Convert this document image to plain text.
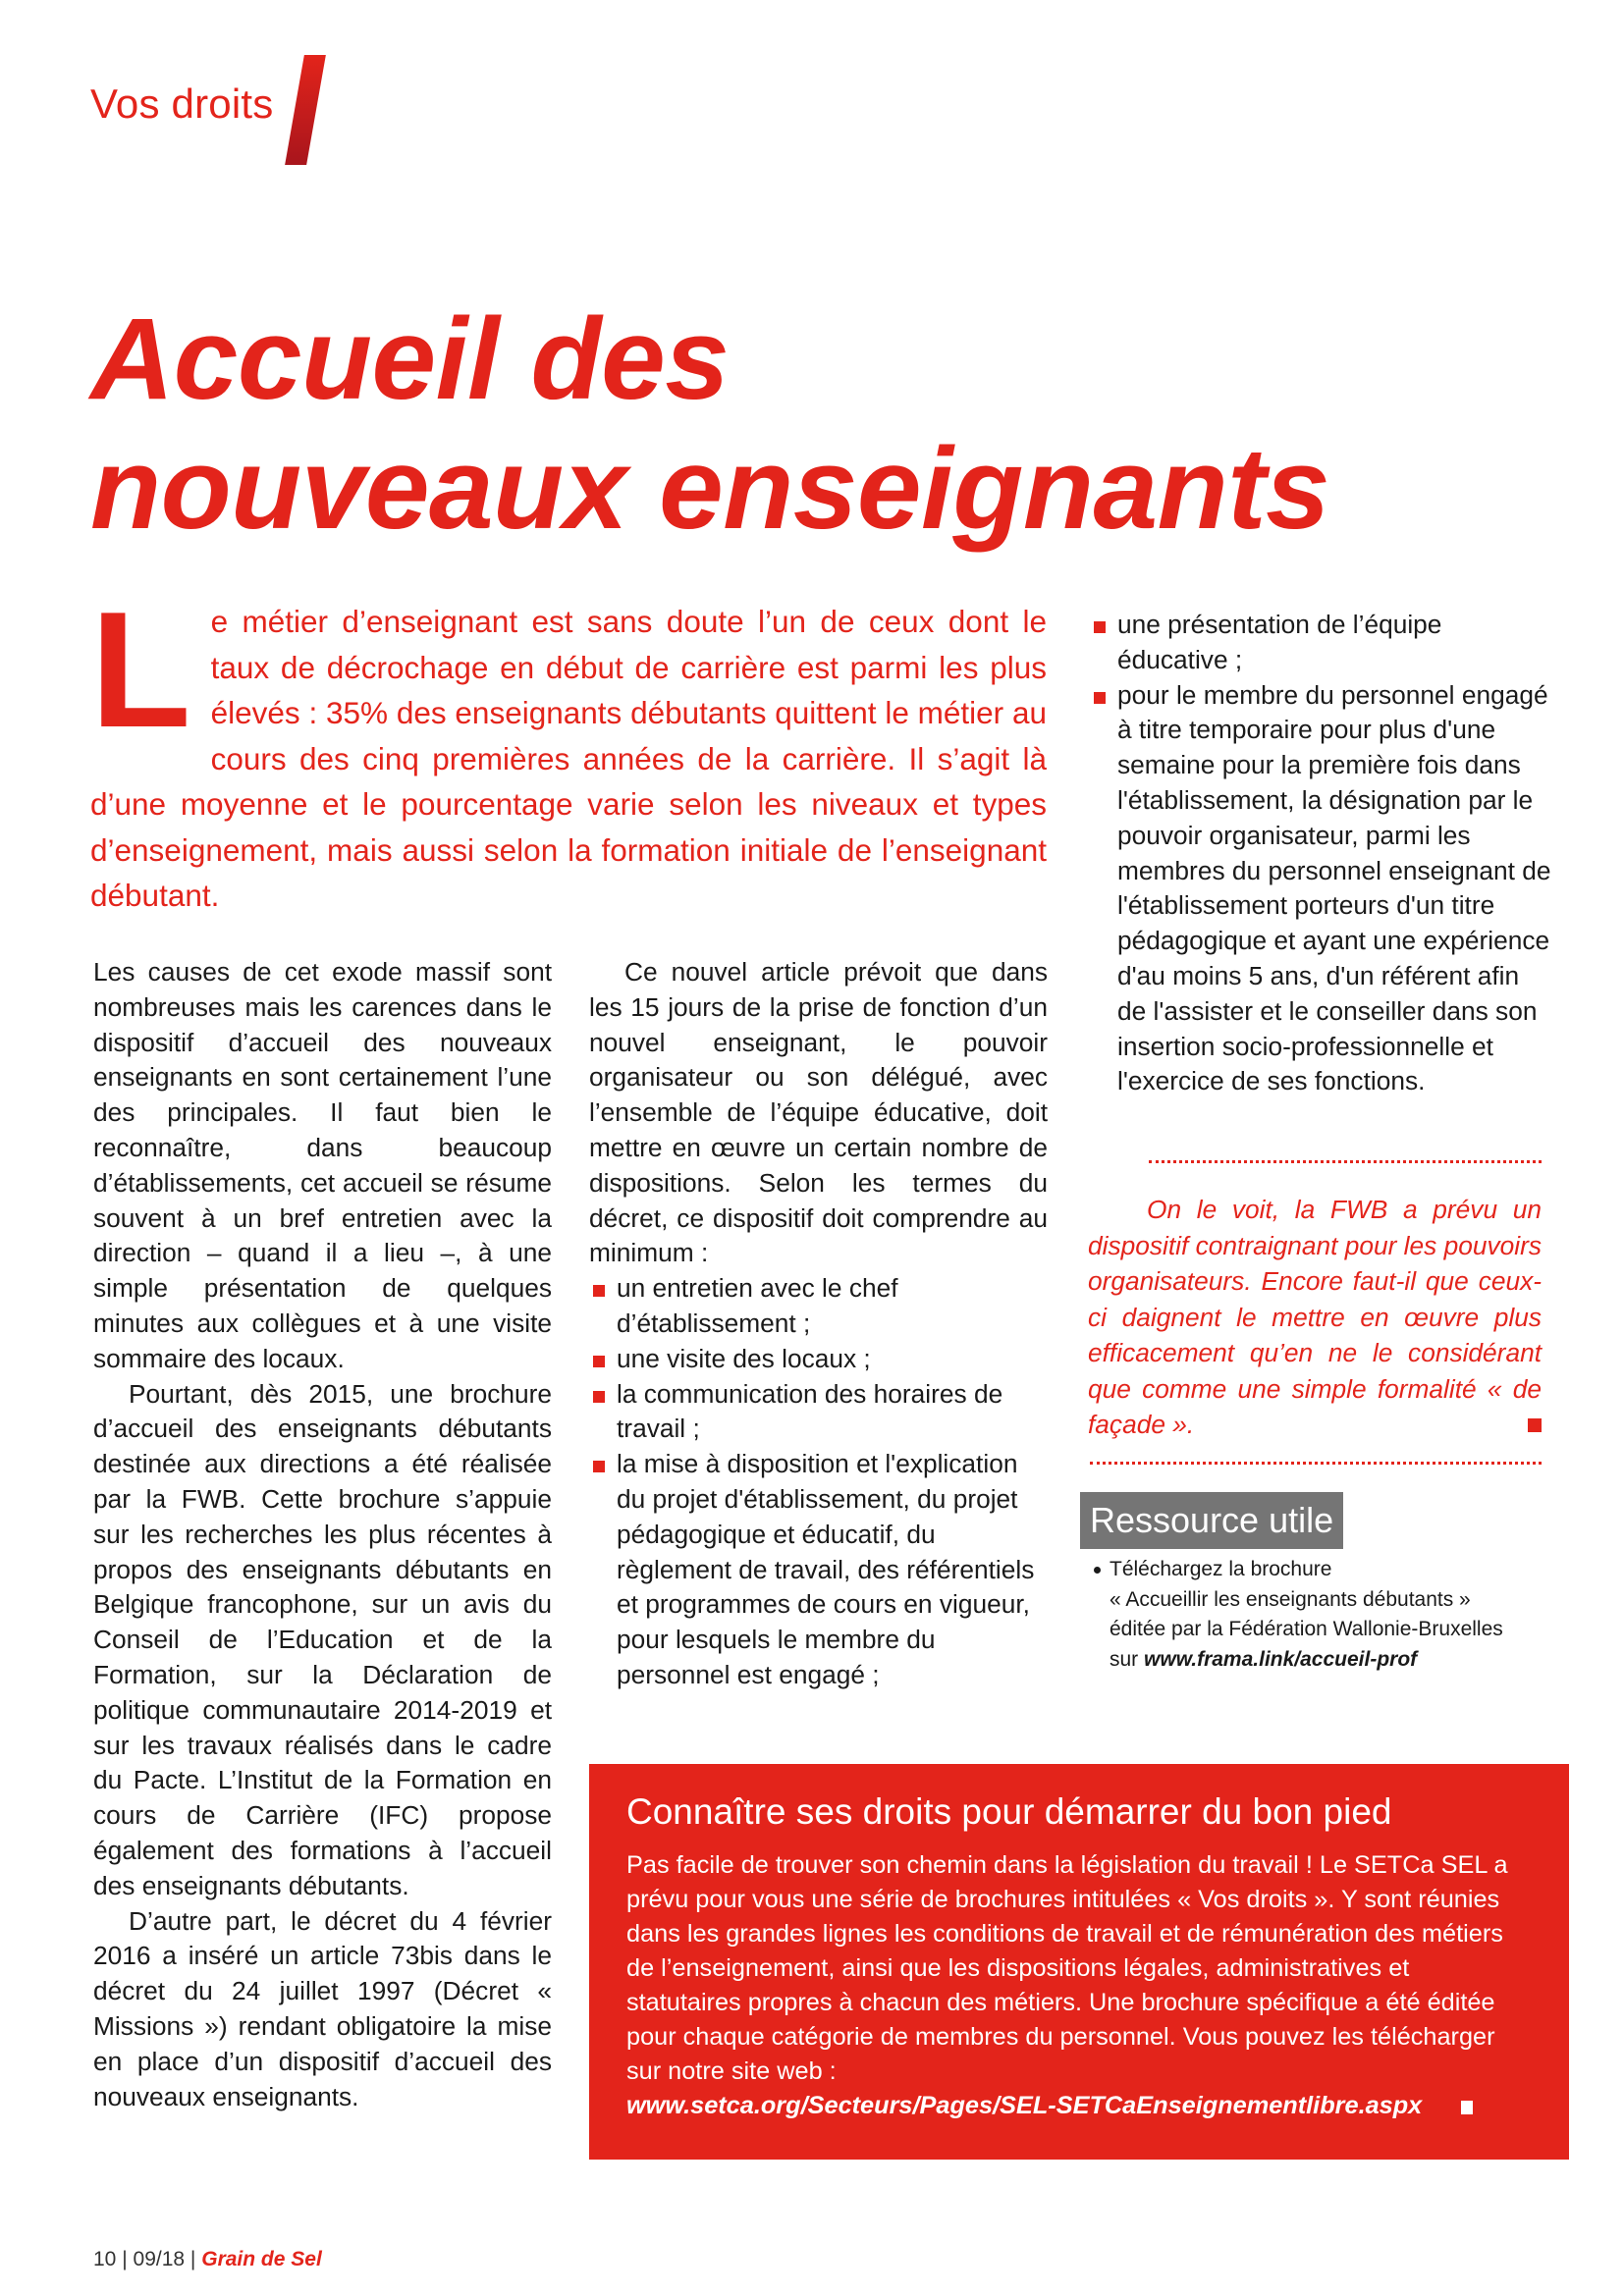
Vos droits
Accueil des
nouveaux enseignants

Le métier d’enseignant est sans doute l’un de ceux dont le taux de décrochage en début de carrière est parmi les plus élevés : 35% des enseignants débutants quittent le métier au cours des cinq premières années de la carrière. Il s’agit là d’une moyenne et le pourcentage varie selon les niveaux et types d’enseignement, mais aussi selon la formation initiale de l’enseignant débutant.

Les causes de cet exode massif sont nombreuses mais les carences dans le dispositif d’accueil des nouveaux enseignants en sont certainement l’une des principales. Il faut bien le reconnaître, dans beaucoup d’établissements, cet accueil se résume souvent à un bref entretien avec la direction – quand il a lieu –, à une simple présentation de quelques minutes aux collègues et à une visite sommaire des locaux.

Pourtant, dès 2015, une brochure d’accueil des enseignants débutants destinée aux directions a été réalisée par la FWB. Cette brochure s’appuie sur les recherches les plus récentes à propos des enseignants débutants en Belgique francophone, sur un avis du Conseil de l’Education et de la Formation, sur la Déclaration de politique communautaire 2014-2019 et sur les travaux réalisés dans le cadre du Pacte. L’Institut de la Formation en cours de Carrière (IFC) propose également des formations à l’accueil des enseignants débutants.

D’autre part, le décret du 4 février 2016 a inséré un article 73bis dans le décret du 24 juillet 1997 (Décret « Missions ») rendant obligatoire la mise en place d’un dispositif d’accueil des nouveaux enseignants.

Ce nouvel article prévoit que dans les 15 jours de la prise de fonction d’un nouvel enseignant, le pouvoir organisateur ou son délégué, avec l’ensemble de l’équipe éducative, doit mettre en œuvre un certain nombre de dispositions. Selon les termes du décret, ce dispositif doit comprendre au minimum :

un entretien avec le chef d’établissement ;
une visite des locaux ;
la communication des horaires de travail ;
la mise à disposition et l'explication du projet d'établissement, du projet pédagogique et éducatif, du règlement de travail, des référentiels et programmes de cours en vigueur, pour lesquels le membre du personnel est engagé ;
une présentation de l’équipe éducative ;
pour le membre du personnel engagé à titre temporaire pour plus d'une semaine pour la première fois dans l'établissement, la désignation par le pouvoir organisateur, parmi les membres du personnel enseignant de l'établissement porteurs d'un titre pédagogique et ayant une expérience d'au moins 5 ans, d'un référent afin de l'assister et le conseiller dans son insertion socio-professionnelle et l'exercice de ses fonctions.

On le voit, la FWB a prévu un dispositif contraignant pour les pouvoirs organisateurs. Encore faut-il que ceux-ci daignent le mettre en œuvre plus efficacement qu’en ne le considérant que comme une simple formalité « de façade ».

Ressource utile
Téléchargez la brochure
« Accueillir les enseignants débutants »
éditée par la Fédération Wallonie-Bruxelles
sur www.frama.link/accueil-prof
Connaître ses droits pour démarrer du bon pied

Pas facile de trouver son chemin dans la législation du travail ! Le SETCa SEL a prévu pour vous une série de brochures intitulées « Vos droits ». Y sont réunies dans les grandes lignes les conditions de travail et de rémunération des métiers de l’enseignement, ainsi que les dispositions légales, administratives et statutaires propres à chacun des métiers. Une brochure spécifique a été éditée pour chaque catégorie de membres du personnel. Vous pouvez les télécharger sur notre site web :
www.setca.org/Secteurs/Pages/SEL-SETCaEnseignementlibre.aspx

10 | 09/18 | Grain de Sel
